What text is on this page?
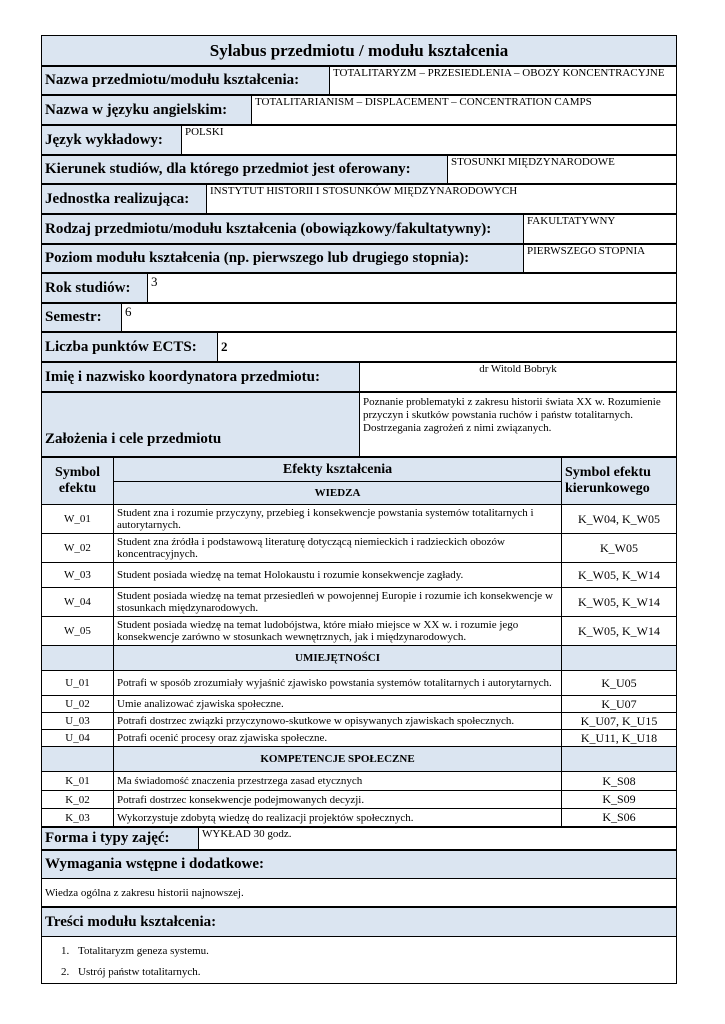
Sylabus przedmiotu / modułu kształcenia
Nazwa przedmiotu/modułu kształcenia:	TOTALITARYZM – PRZESIEDLENIA – OBOZY KONCENTRACYJNE
Nazwa w języku angielskim:	TOTALITARIANISM – DISPLACEMENT – CONCENTRATION CAMPS
Język wykładowy:	POLSKI
Kierunek studiów, dla którego przedmiot jest oferowany:	STOSUNKI MIĘDZYNARODOWE
Jednostka realizująca:	INSTYTUT HISTORII I STOSUNKÓW MIĘDZYNARODOWYCH
Rodzaj przedmiotu/modułu kształcenia (obowiązkowy/fakultatywny):	FAKULTATYWNY
Poziom modułu kształcenia (np. pierwszego lub drugiego stopnia):	PIERWSZEGO STOPNIA
Rok studiów:	3
Semestr:	6
Liczba punktów ECTS:	2
Imię i nazwisko koordynatora przedmiotu:	dr Witold Bobryk
Założenia i cele przedmiotu	Poznanie problematyki z zakresu historii świata XX w. Rozumienie przyczyn i skutków powstania ruchów i państw totalitarnych. Dostrzegania zagrożeń z nimi związanych.
Symbol efektu	Efekty kształcenia	Symbol efektu kierunkowego
	WIEDZA	
W_01	Student zna i rozumie przyczyny, przebieg i konsekwencje powstania systemów totalitarnych i autorytarnych.	K_W04, K_W05
W_02	Student zna źródła i podstawową literaturę dotyczącą niemieckich i radzieckich obozów koncentracyjnych.	K_W05
W_03	Student posiada wiedzę na temat Holokaustu i rozumie konsekwencje zagłady.	K_W05, K_W14
W_04	Student posiada wiedzę na temat przesiedleń w powojennej Europie i rozumie ich konsekwencje w stosunkach międzynarodowych.	K_W05, K_W14
W_05	Student posiada wiedzę na temat ludobójstwa, które miało miejsce w XX w. i rozumie jego konsekwencje zarówno w stosunkach wewnętrznych, jak i międzynarodowych.	K_W05, K_W14
	UMIEJĘTNOŚCI	
U_01	Potrafi w sposób zrozumiały wyjaśnić zjawisko powstania systemów totalitarnych i autorytarnych.	K_U05
U_02	Umie analizować zjawiska społeczne.	K_U07
U_03	Potrafi dostrzec związki przyczynowo-skutkowe w opisywanych zjawiskach społecznych.	K_U07, K_U15
U_04	Potrafi ocenić procesy oraz zjawiska społeczne.	K_U11, K_U18
	KOMPETENCJE SPOŁECZNE	
K_01	Ma świadomość znaczenia przestrzega zasad etycznych	K_S08
K_02	Potrafi dostrzec konsekwencje podejmowanych decyzji.	K_S09
K_03	Wykorzystuje zdobytą wiedzę do realizacji projektów społecznych.	K_S06
Forma i typy zajęć:	WYKŁAD 30 godz.
Wymagania wstępne i dodatkowe:
Wiedza ogólna z zakresu historii najnowszej.
Treści modułu kształcenia:

1. Totalitaryzm geneza systemu.
2. Ustrój państw totalitarnych.
